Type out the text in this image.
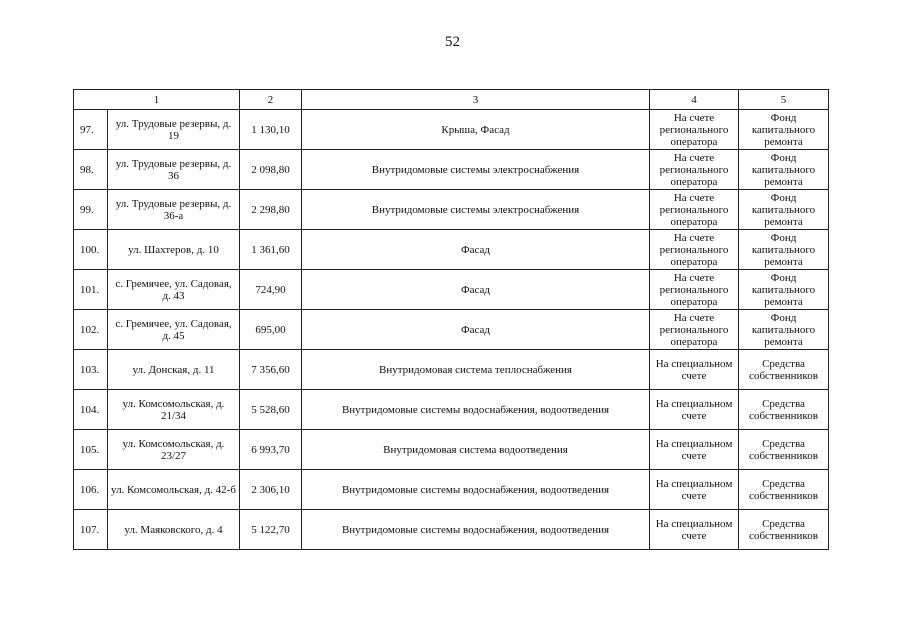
52
1		2	3	4	5
97.	ул. Трудовые резервы, д. 19	1 130,10	Крыша, Фасад	На счете регионального оператора	Фонд капитального ремонта
98.	ул. Трудовые резервы, д. 36	2 098,80	Внутридомовые системы электроснабжения	На счете регионального оператора	Фонд капитального ремонта
99.	ул. Трудовые резервы, д. 36-а	2 298,80	Внутридомовые системы электроснабжения	На счете регионального оператора	Фонд капитального ремонта
100.	ул. Шахтеров, д. 10	1 361,60	Фасад	На счете регионального оператора	Фонд капитального ремонта
101.	с. Гремячее, ул. Садовая, д. 43	724,90	Фасад	На счете регионального оператора	Фонд капитального ремонта
102.	с. Гремячее, ул. Садовая, д. 45	695,00	Фасад	На счете регионального оператора	Фонд капитального ремонта
103.	ул. Донская, д. 11	7 356,60	Внутридомовая система теплоснабжения	На специальном счете	Средства собственников
104.	ул. Комсомольская, д. 21/34	5 528,60	Внутридомовые системы водоснабжения, водоотведения	На специальном счете	Средства собственников
105.	ул. Комсомольская, д. 23/27	6 993,70	Внутридомовая система водоотведения	На специальном счете	Средства собственников
106.	ул. Комсомольская, д. 42-б	2 306,10	Внутридомовые системы водоснабжения, водоотведения	На специальном счете	Средства собственников
107.	ул. Маяковского, д. 4	5 122,70	Внутридомовые системы водоснабжения, водоотведения	На специальном счете	Средства собственников
